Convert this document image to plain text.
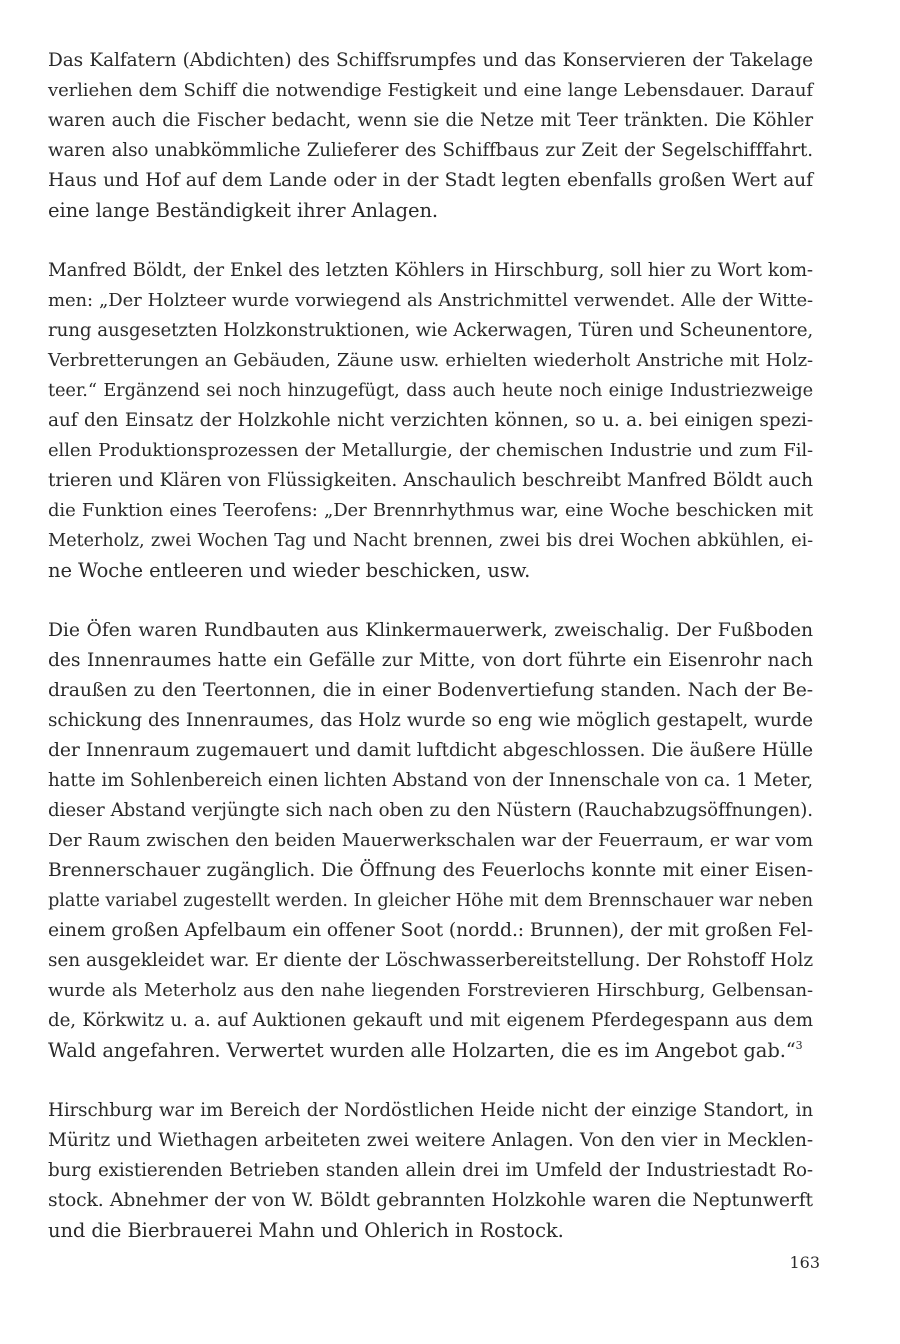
Das Kalfatern (Abdichten) des Schiffsrumpfes und das Konservieren der Takelage
verliehen dem Schiff die notwendige Festigkeit und eine lange Lebensdauer. Darauf
waren auch die Fischer bedacht, wenn sie die Netze mit Teer tränkten. Die Köhler
waren also unabkömmliche Zulieferer des Schiffbaus zur Zeit der Segelschifffahrt.
Haus und Hof auf dem Lande oder in der Stadt legten ebenfalls großen Wert auf
eine lange Beständigkeit ihrer Anlagen.

Manfred Böldt, der Enkel des letzten Köhlers in Hirschburg, soll hier zu Wort kom-
men: „Der Holzteer wurde vorwiegend als Anstrichmittel verwendet. Alle der Witte-
rung ausgesetzten Holzkonstruktionen, wie Ackerwagen, Türen und Scheunentore,
Verbretterungen an Gebäuden, Zäune usw. erhielten wiederholt Anstriche mit Holz-
teer.“ Ergänzend sei noch hinzugefügt, dass auch heute noch einige Industriezweige
auf den Einsatz der Holzkohle nicht verzichten können, so u. a. bei einigen spezi-
ellen Produktionsprozessen der Metallurgie, der chemischen Industrie und zum Fil-
trieren und Klären von Flüssigkeiten. Anschaulich beschreibt Manfred Böldt auch
die Funktion eines Teerofens: „Der Brennrhythmus war, eine Woche beschicken mit
Meterholz, zwei Wochen Tag und Nacht brennen, zwei bis drei Wochen abkühlen, ei-
ne Woche entleeren und wieder beschicken, usw.

Die Öfen waren Rundbauten aus Klinkermauerwerk, zweischalig. Der Fußboden
des Innenraumes hatte ein Gefälle zur Mitte, von dort führte ein Eisenrohr nach
draußen zu den Teertonnen, die in einer Bodenvertiefung standen. Nach der Be-
schickung des Innenraumes, das Holz wurde so eng wie möglich gestapelt, wurde
der Innenraum zugemauert und damit luftdicht abgeschlossen. Die äußere Hülle
hatte im Sohlenbereich einen lichten Abstand von der Innenschale von ca. 1 Meter,
dieser Abstand verjüngte sich nach oben zu den Nüstern (Rauchabzugsöffnungen).
Der Raum zwischen den beiden Mauerwerkschalen war der Feuerraum, er war vom
Brennerschauer zugänglich. Die Öffnung des Feuerlochs konnte mit einer Eisen-
platte variabel zugestellt werden. In gleicher Höhe mit dem Brennschauer war neben
einem großen Apfelbaum ein offener Soot (nordd.: Brunnen), der mit großen Fel-
sen ausgekleidet war. Er diente der Löschwasserbereitstellung. Der Rohstoff Holz
wurde als Meterholz aus den nahe liegenden Forstrevieren Hirschburg, Gelbensan-
de, Körkwitz u. a. auf Auktionen gekauft und mit eigenem Pferdegespann aus dem
Wald angefahren. Verwertet wurden alle Holzarten, die es im Angebot gab.“$^3$

Hirschburg war im Bereich der Nordöstlichen Heide nicht der einzige Standort, in
Müritz und Wiethagen arbeiteten zwei weitere Anlagen. Von den vier in Mecklen-
burg existierenden Betrieben standen allein drei im Umfeld der Industriestadt Ro-
stock. Abnehmer der von W. Böldt gebrannten Holzkohle waren die Neptunwerft
und die Bierbrauerei Mahn und Ohlerich in Rostock.

163
